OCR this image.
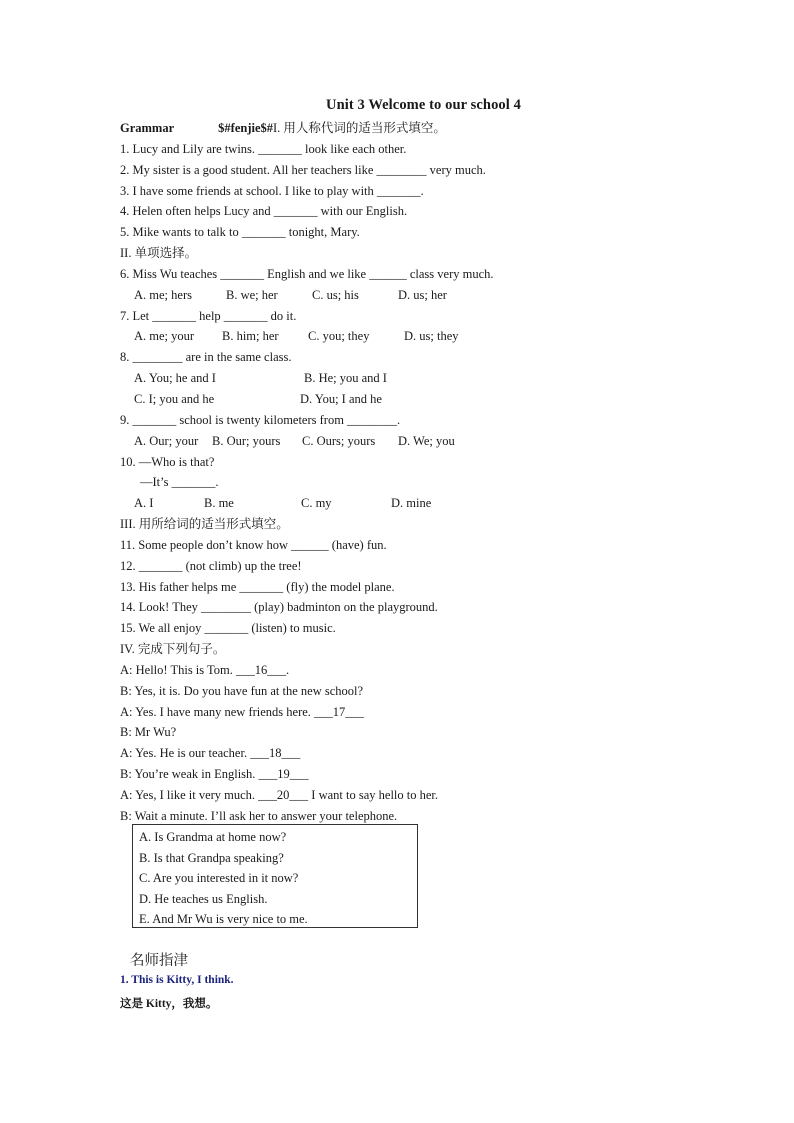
Unit 3 Welcome to our school 4
Grammar	$#fenjie$#I. 用人称代词的适当形式填空。
1. Lucy and Lily are twins. _______ look like each other.
2. My sister is a good student. All her teachers like ________ very much.
3. I have some friends at school. I like to play with _______.
4. Helen often helps Lucy and _______ with our English.
5. Mike wants to talk to _______ tonight, Mary.
II. 单项选择。
6. Miss Wu teaches _______ English and we like ______ class very much.
A. me; hers	B. we; her	C. us; his	D. us; her
7. Let _______ help _______ do it.
A. me; your B. him; her C. you; they	D. us; they
8. ________ are in the same class.
A. You; he and I	B. He; you and I
C. I; you and he	D. You; I and he
9. _______ school is twenty kilometers from ________.
A. Our; your B. Our; yours C. Ours; yours D. We; you
10. —Who is that?
—It’s _______.
A. I	B. me	C. my	D. mine
III. 用所给词的适当形式填空。
11. Some people don’t know how ______ (have) fun.
12. _______ (not climb) up the tree!
13. His father helps me _______ (fly) the model plane.
14. Look! They ________ (play) badminton on the playground.
15. We all enjoy _______ (listen) to music.
IV. 完成下列句子。
A: Hello! This is Tom. ___16___.
B: Yes, it is. Do you have fun at the new school?
A: Yes. I have many new friends here. ___17___
B: Mr Wu?
A: Yes. He is our teacher. ___18___
B: You’re weak in English. ___19___
A: Yes, I like it very much. ___20___ I want to say hello to her.
B: Wait a minute. I’ll ask her to answer your telephone.
A. Is Grandma at home now?
B. Is that Grandpa speaking?
C. Are you interested in it now?
D. He teaches us English.
E. And Mr Wu is very nice to me.
名师指津
1. This is Kitty, I think.
这是 Kitty，我想。
